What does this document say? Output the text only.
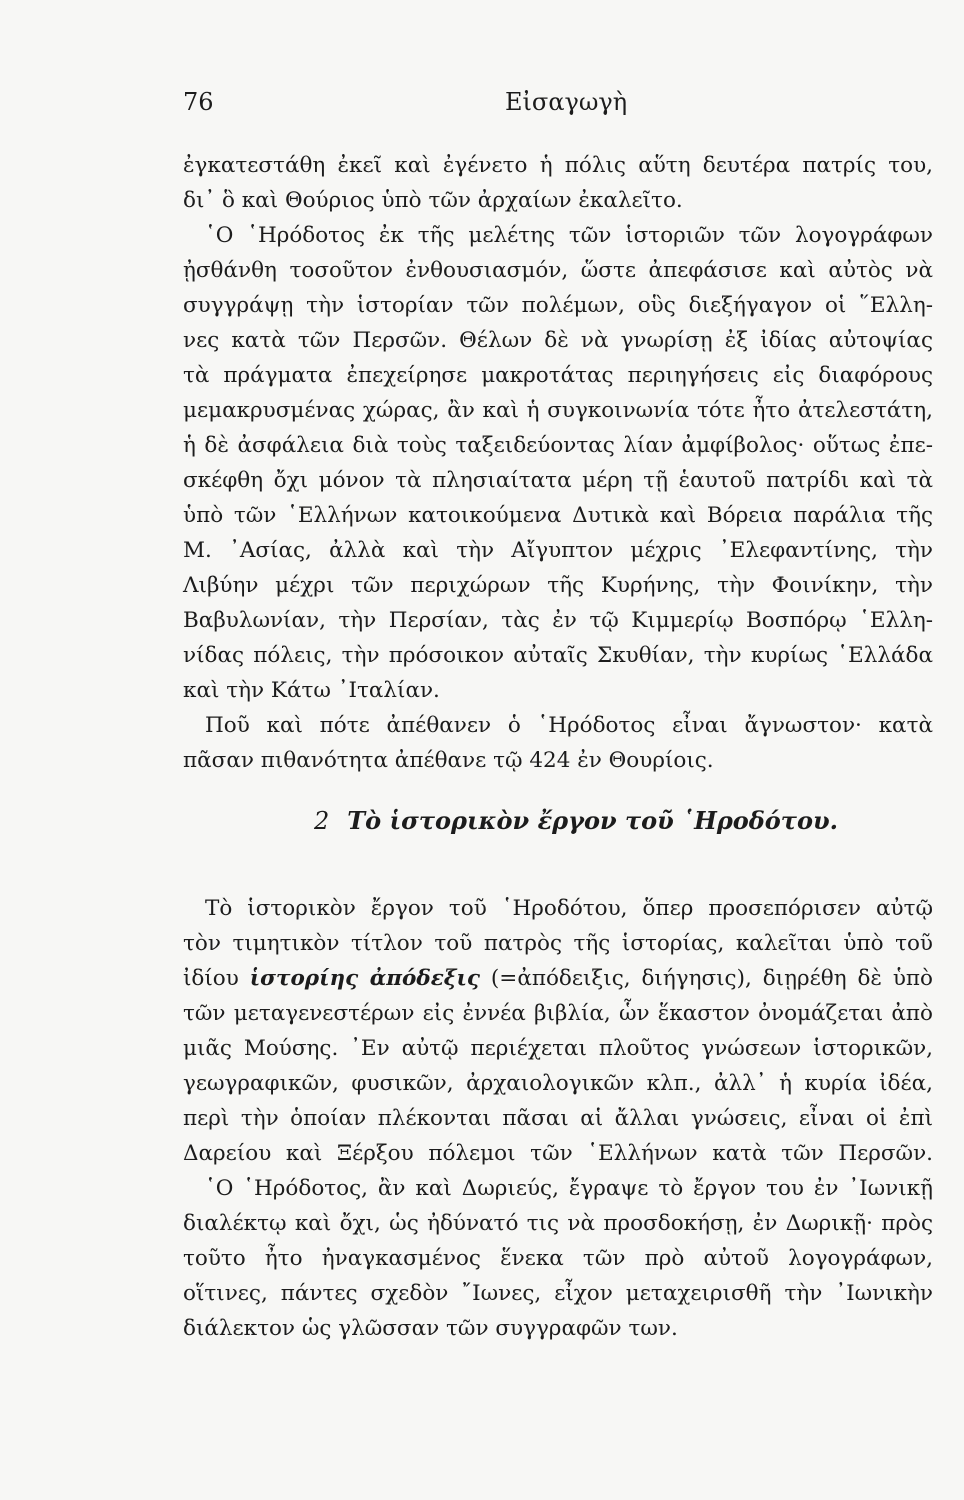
76	Εἰσαγωγὴ
ἐγκατεστάθη ἐκεῖ καὶ ἐγένετο ἡ πόλις αὕτη δευτέρα πατρίς του,
δι᾿ ὃ καὶ Θούριος ὑπὸ τῶν ἀρχαίων ἐκαλεῖτο.
῾Ο ῾Ηρόδοτος ἐκ τῆς μελέτης τῶν ἱστοριῶν τῶν λογογράφων
ᾐσθάνθη τοσοῦτον ἐνθουσιασμόν, ὥστε ἀπεφάσισε καὶ αὐτὸς νὰ
συγγράψῃ τὴν ἱστορίαν τῶν πολέμων, οὓς διεξήγαγον οἱ ῞Ελλη-
νες κατὰ τῶν Περσῶν. Θέλων δὲ νὰ γνωρίσῃ ἐξ ἰδίας αὐτοψίας
τὰ πράγματα ἐπεχείρησε μακροτάτας περιηγήσεις εἰς διαφόρους
μεμακρυσμένας χώρας, ἂν καὶ ἡ συγκοινωνία τότε ἦτο ἀτελεστάτη,
ἡ δὲ ἀσφάλεια διὰ τοὺς ταξειδεύοντας λίαν ἀμφίβολος· οὕτως ἐπε-
σκέφθη ὄχι μόνον τὰ πλησιαίτατα μέρη τῇ ἑαυτοῦ πατρίδι καὶ τὰ
ὑπὸ τῶν ῾Ελλήνων κατοικούμενα Δυτικὰ καὶ Βόρεια παράλια τῆς
Μ. ᾿Ασίας, ἀλλὰ καὶ τὴν Αἴγυπτον μέχρις ᾿Ελεφαντίνης, τὴν
Λιβύην μέχρι τῶν περιχώρων τῆς Κυρήνης, τὴν Φοινίκην, τὴν
Βαβυλωνίαν, τὴν Περσίαν, τὰς ἐν τῷ Κιμμερίῳ Βοσπόρῳ ῾Ελλη-
νίδας πόλεις, τὴν πρόσοικον αὐταῖς Σκυθίαν, τὴν κυρίως ῾Ελλάδα
καὶ τὴν Κάτω ᾿Ιταλίαν.
Ποῦ καὶ πότε ἀπέθανεν ὁ ῾Ηρόδοτος εἶναι ἄγνωστον· κατὰ
πᾶσαν πιθανότητα ἀπέθανε τῷ 424 ἐν Θουρίοις.
2 Τὸ ἱστορικὸν ἔργον τοῦ ῾Ηροδότου.
Τὸ ἱστορικὸν ἔργον τοῦ ῾Ηροδότου, ὅπερ προσεπόρισεν αὐτῷ
τὸν τιμητικὸν τίτλον τοῦ πατρὸς τῆς ἱστορίας, καλεῖται ὑπὸ τοῦ
ἰδίου ἱστορίης ἀπόδεξις (=ἀπόδειξις, διήγησις), διῃρέθη δὲ ὑπὸ
τῶν μεταγενεστέρων εἰς ἐννέα βιβλία, ὧν ἕκαστον ὀνομάζεται ἀπὸ
μιᾶς Μούσης. ᾿Εν αὐτῷ περιέχεται πλοῦτος γνώσεων ἱστορικῶν,
γεωγραφικῶν, φυσικῶν, ἀρχαιολογικῶν κλπ., ἀλλ᾿ ἡ κυρία ἰδέα,
περὶ τὴν ὁποίαν πλέκονται πᾶσαι αἱ ἄλλαι γνώσεις, εἶναι οἱ ἐπὶ
Δαρείου καὶ Ξέρξου πόλεμοι τῶν ῾Ελλήνων κατὰ τῶν Περσῶν.
῾Ο ῾Ηρόδοτος, ἂν καὶ Δωριεύς, ἔγραψε τὸ ἔργον του ἐν ᾿Ιωνικῇ
διαλέκτῳ καὶ ὄχι, ὡς ἠδύνατό τις νὰ προσδοκήσῃ, ἐν Δωρικῇ· πρὸς
τοῦτο ἦτο ἠναγκασμένος ἕνεκα τῶν πρὸ αὐτοῦ λογογράφων,
οἵτινες, πάντες σχεδὸν ῎Ιωνες, εἶχον μεταχειρισθῆ τὴν ᾿Ιωνικὴν
διάλεκτον ὡς γλῶσσαν τῶν συγγραφῶν των.
